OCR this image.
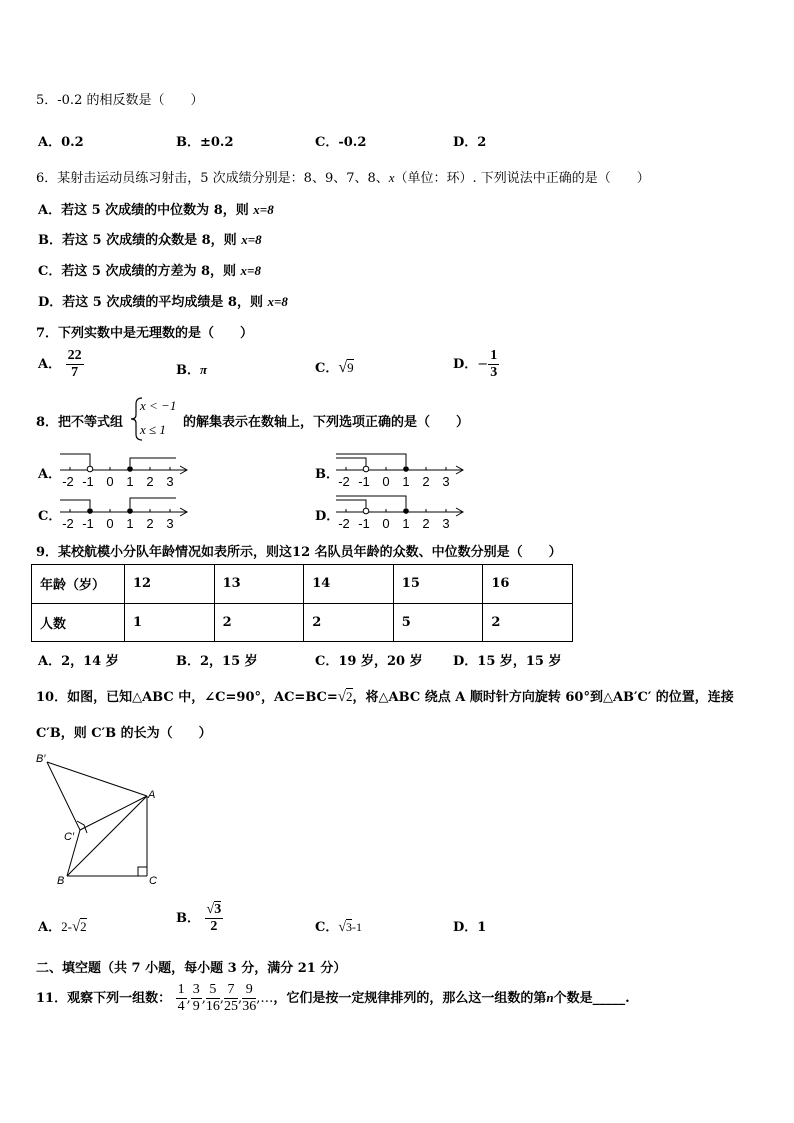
5．-0.2 的相反数是（　　）
A．0.2	B．±0.2	C．-0.2	D．2
6．某射击运动员练习射击，5 次成绩分别是：8、9、7、8、x（单位：环）. 下列说法中正确的是（　　）
A．若这 5 次成绩的中位数为 8，则 x=8
B．若这 5 次成绩的众数是 8，则 x=8
C．若这 5 次成绩的方差为 8，则 x=8
D．若这 5 次成绩的平均成绩是 8，则 x=8
7．下列实数中是无理数的是（　　）
A． $\frac{22}{7}$	B．π	C．√9	D．− $\frac{1}{3}$
8．把不等式组
x < −1
x ≤ 1 的解集表示在数轴上，下列选项正确的是（　　）
A．	B．
C．	D．
-2 -1 0 1 2 3	-2 -1 0 1 2 3
-2 -1 0 1 2 3	-2 -1 0 1 2 3
9．某校航模小分队年龄情况如表所示，则这12 名队员年龄的众数、中位数分别是（　　）
年龄（岁）	12	13	14	15	16
人数	1	2	2	5	2
A．2，14 岁	B．2，15 岁	C．19 岁，20 岁 D．15 岁，15 岁
10．如图，已知△ABC 中，∠C=90°，AC=BC=√2，将△ABC 绕点 A 顺时针方向旋转 60°到△AB′C′ 的位置，连接
C′B，则 C′B 的长为（　　）
B′
A
C′
B	C
A．2-√2
B． $\frac{√3}{2}$	C．√3-1	D．1
二、填空题（共 7 小题，每小题 3 分，满分 21 分）
11．观察下列一组数： $\frac{1}{4}$ , $\frac{3}{9}$ , $\frac{5}{16}$ , $\frac{7}{25}$ , $\frac{9}{36}$ ,…，它们是按一定规律排列的，那么这一组数的第n个数是_____.
